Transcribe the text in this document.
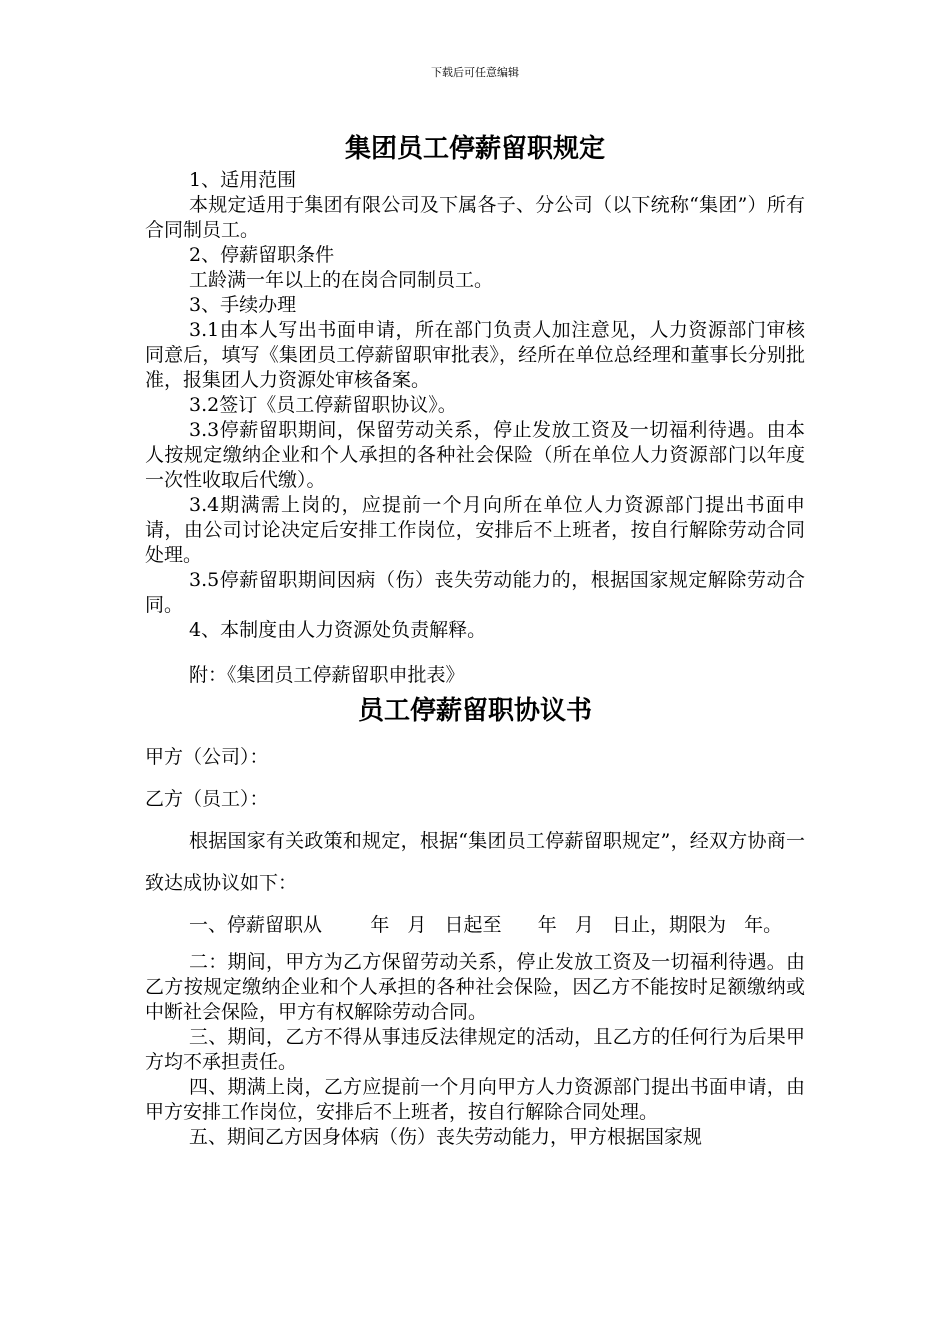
下载后可任意编辑
集团员工停薪留职规定

1、适用范围

本规定适用于集团有限公司及下属各子、分公司（以下统称“集团”）所有合同制员工。

2、停薪留职条件

工龄满一年以上的在岗合同制员工。

3、手续办理

3.1由本人写出书面申请，所在部门负责人加注意见，人力资源部门审核同意后，填写《集团员工停薪留职审批表》，经所在单位总经理和董事长分别批准，报集团人力资源处审核备案。

3.2签订《员工停薪留职协议》。

3.3停薪留职期间，保留劳动关系，停止发放工资及一切福利待遇。由本人按规定缴纳企业和个人承担的各种社会保险（所在单位人力资源部门以年度一次性收取后代缴）。

3.4期满需上岗的，应提前一个月向所在单位人力资源部门提出书面申请，由公司讨论决定后安排工作岗位，安排后不上班者，按自行解除劳动合同处理。

3.5停薪留职期间因病（伤）丧失劳动能力的，根据国家规定解除劳动合同。

4、本制度由人力资源处负责解释。

附：《集团员工停薪留职申批表》

员工停薪留职协议书

甲方（公司）：

乙方（员工）：

根据国家有关政策和规定，根据“集团员工停薪留职规定”，经双方协商一致达成协议如下：

一、停薪留职从        年   月   日起至      年   月   日止，期限为   年。

二：期间，甲方为乙方保留劳动关系，停止发放工资及一切福利待遇。由乙方按规定缴纳企业和个人承担的各种社会保险，因乙方不能按时足额缴纳或中断社会保险，甲方有权解除劳动合同。

三、期间，乙方不得从事违反法律规定的活动，且乙方的任何行为后果甲方均不承担责任。

四、期满上岗，乙方应提前一个月向甲方人力资源部门提出书面申请，由甲方安排工作岗位，安排后不上班者，按自行解除合同处理。

五、期间乙方因身体病（伤）丧失劳动能力，甲方根据国家规
